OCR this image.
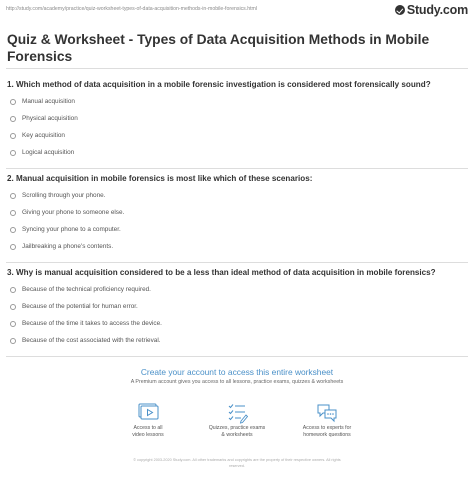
http://study.com/academy/practice/quiz-worksheet-types-of-data-acquisition-methods-in-mobile-forensics.html	Study.com
Quiz & Worksheet - Types of Data Acquisition Methods in Mobile Forensics

1. Which method of data acquisition in a mobile forensic investigation is considered most forensically sound?

Manual acquisition
Physical acquisition
Key acquisition
Logical acquisition

2. Manual acquisition in mobile forensics is most like which of these scenarios:

Scrolling through your phone.
Giving your phone to someone else.
Syncing your phone to a computer.
Jailbreaking a phone's contents.

3. Why is manual acquisition considered to be a less than ideal method of data acquisition in mobile forensics?

Because of the technical proficiency required.
Because of the potential for human error.
Because of the time it takes to access the device.
Because of the cost associated with the retrieval.
Create your account to access this entire worksheet
A Premium account gives you access to all lessons, practice exams, quizzes & worksheets
Access to all
video lessons
Quizzes, practice exams
& worksheets
Access to experts for
homework questions
© copyright 2003-2020 Study.com. All other trademarks and copyrights are the property of their respective owners. All rights
reserved.
